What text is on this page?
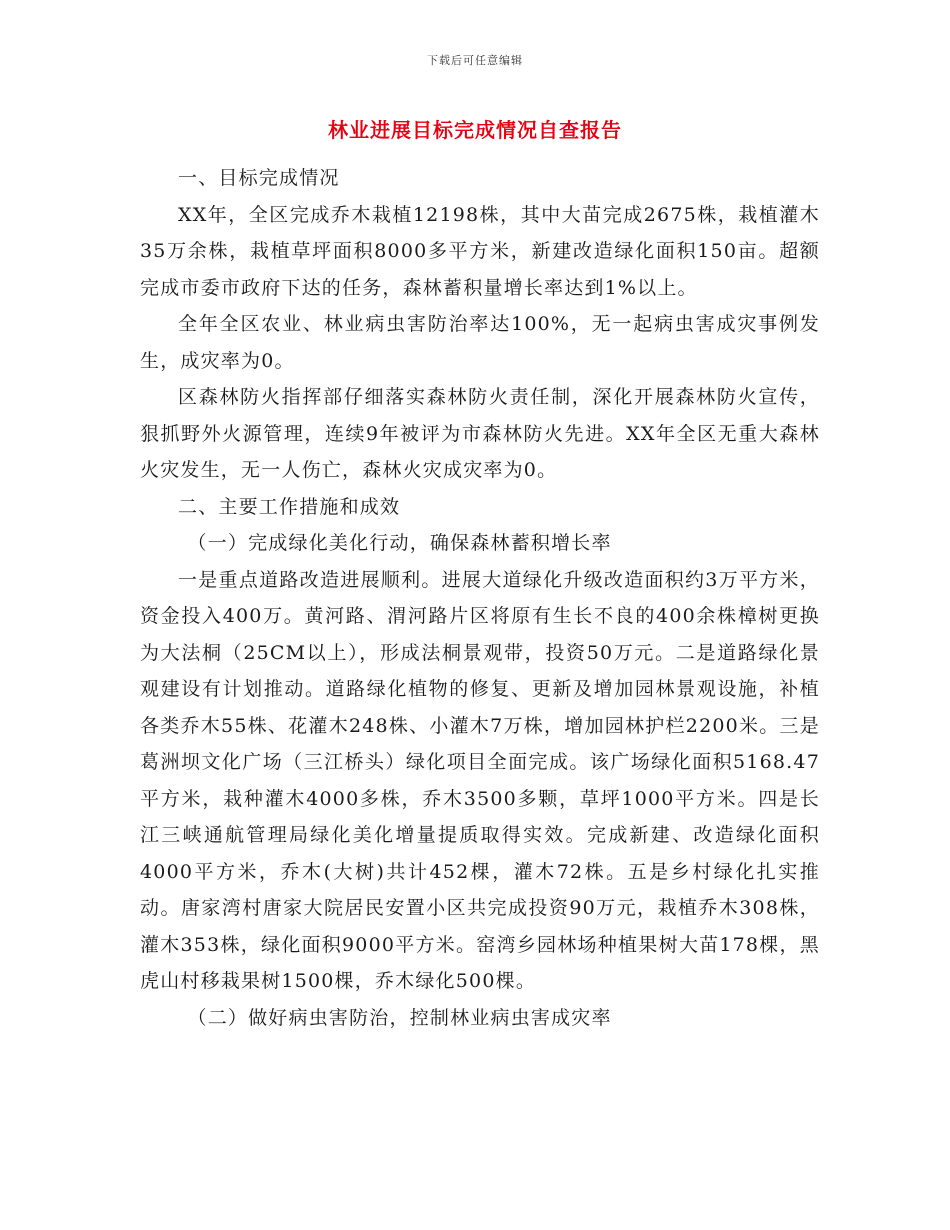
下载后可任意编辑
林业进展目标完成情况自查报告

一、目标完成情况

XX年，全区完成乔木栽植12198株，其中大苗完成2675株，栽植灌木35万余株，栽植草坪面积8000多平方米，新建改造绿化面积150亩。超额完成市委市政府下达的任务，森林蓄积量增长率达到1%以上。

全年全区农业、林业病虫害防治率达100%，无一起病虫害成灾事例发生，成灾率为0。

区森林防火指挥部仔细落实森林防火责任制，深化开展森林防火宣传，狠抓野外火源管理，连续9年被评为市森林防火先进。XX年全区无重大森林火灾发生，无一人伤亡，森林火灾成灾率为0。

二、主要工作措施和成效

（一）完成绿化美化行动，确保森林蓄积增长率

一是重点道路改造进展顺利。进展大道绿化升级改造面积约3万平方米，资金投入400万。黄河路、渭河路片区将原有生长不良的400余株樟树更换为大法桐（25CM以上），形成法桐景观带，投资50万元。二是道路绿化景观建设有计划推动。道路绿化植物的修复、更新及增加园林景观设施，补植各类乔木55株、花灌木248株、小灌木7万株，增加园林护栏2200米。三是葛洲坝文化广场（三江桥头）绿化项目全面完成。该广场绿化面积5168.47平方米，栽种灌木4000多株，乔木3500多颗，草坪1000平方米。四是长江三峡通航管理局绿化美化增量提质取得实效。完成新建、改造绿化面积4000平方米，乔木(大树)共计452棵，灌木72株。五是乡村绿化扎实推动。唐家湾村唐家大院居民安置小区共完成投资90万元，栽植乔木308株，灌木353株，绿化面积9000平方米。窑湾乡园林场种植果树大苗178棵，黑虎山村移栽果树1500棵，乔木绿化500棵。

（二）做好病虫害防治，控制林业病虫害成灾率
